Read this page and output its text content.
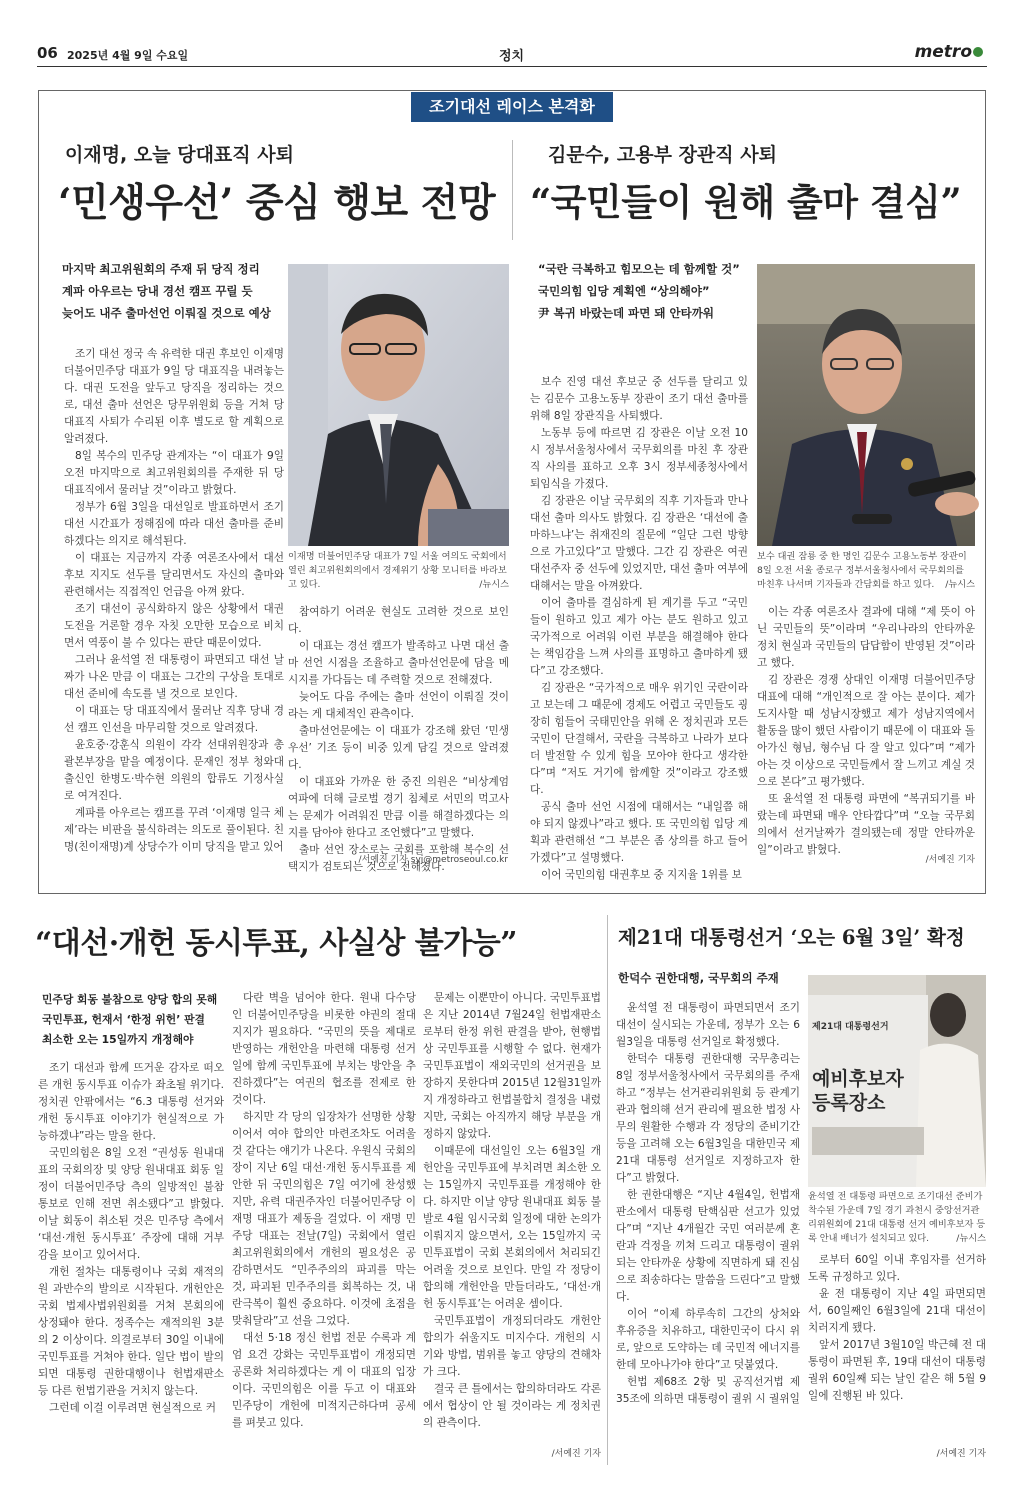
06 2025년 4월 9일 수요일	정치	metro
조기대선 레이스 본격화
이재명, 오늘 당대표직 사퇴
‘민생우선’ 중심 행보 전망
마지막 최고위원회의 주재 뒤 당직 정리
계파 아우르는 당내 경선 캠프 꾸릴 듯
늦어도 내주 출마선언 이뤄질 것으로 예상
이재명 더불어민주당 대표가 7일 서울 여의도 국회에서 열린 최고위원회의에서 경제위기 상황 모니터를 바라보고 있다.	/뉴시스

조기 대선 정국 속 유력한 대권 후보인 이재명 더불어민주당 대표가 9일 당 대표직을 내려놓는다. 대권 도전을 앞두고 당직을 정리하는 것으로, 대선 출마 선언은 당무위원회 등을 거쳐 당 대표직 사퇴가 수리된 이후 별도로 할 계획으로 알려졌다.

8일 복수의 민주당 관계자는 “이 대표가 9일 오전 마지막으로 최고위원회의를 주재한 뒤 당 대표직에서 물러날 것”이라고 밝혔다.

정부가 6월 3일을 대선일로 발표하면서 조기 대선 시간표가 정해짐에 따라 대선 출마를 준비하겠다는 의지로 해석된다.

이 대표는 지금까지 각종 여론조사에서 대선 후보 지지도 선두를 달리면서도 자신의 출마와 관련해서는 직접적인 언급을 아껴 왔다.

조기 대선이 공식화하지 않은 상황에서 대권 도전을 거론할 경우 자칫 오만한 모습으로 비치면서 역풍이 불 수 있다는 판단 때문이었다.

그러나 윤석열 전 대통령이 파면되고 대선 날짜가 나온 만큼 이 대표는 그간의 구상을 토대로 대선 준비에 속도를 낼 것으로 보인다.

이 대표는 당 대표직에서 물러난 직후 당내 경선 캠프 인선을 마무리할 것으로 알려졌다.

윤호중·강훈식 의원이 각각 선대위원장과 총괄본부장을 맡을 예정이다. 문재인 정부 청와대 출신인 한병도·박수현 의원의 합류도 기정사실로 여겨진다.

계파를 아우르는 캠프를 꾸려 ‘이재명 일극 체제’라는 비판을 불식하려는 의도로 풀이된다. 친명(친이재명)계 상당수가 이미 당직을 맡고 있어

참여하기 어려운 현실도 고려한 것으로 보인다.

이 대표는 경선 캠프가 발족하고 나면 대선 출마 선언 시점을 조율하고 출마선언문에 담을 메시지를 가다듬는 데 주력할 것으로 전해졌다.

늦어도 다음 주에는 출마 선언이 이뤄질 것이라는 게 대체적인 관측이다.

출마선언문에는 이 대표가 강조해 왔던 ‘민생 우선’ 기조 등이 비중 있게 담길 것으로 알려졌다.

이 대표와 가까운 한 중진 의원은 “비상계엄 여파에 더해 글로벌 경기 침체로 서민의 먹고사는 문제가 어려워진 만큼 이를 해결하겠다는 의지를 담아야 한다고 조언했다”고 말했다.

출마 선언 장소로는 국회를 포함해 복수의 선택지가 검토되는 것으로 전해졌다.

/서예진 기자 syj@metroseoul.co.kr
김문수, 고용부 장관직 사퇴
“국민들이 원해 출마 결심”
“국란 극복하고 힘모으는 데 함께할 것”
국민의힘 입당 계획엔 “상의해야”
尹 복귀 바랐는데 파면 돼 안타까워
보수 대권 잠룡 중 한 명인 김문수 고용노동부 장관이 8일 오전 서울 종로구 정부서울청사에서 국무회의를 마친후 나서며 기자들과 간담회를 하고 있다. /뉴시스

보수 진영 대선 후보군 중 선두를 달리고 있는 김문수 고용노동부 장관이 조기 대선 출마를 위해 8일 장관직을 사퇴했다.

노동부 등에 따르면 김 장관은 이날 오전 10시 정부서울청사에서 국무회의를 마친 후 장관직 사의를 표하고 오후 3시 정부세종청사에서 퇴임식을 가졌다.

김 장관은 이날 국무회의 직후 기자들과 만나 대선 출마 의사도 밝혔다. 김 장관은 ‘대선에 출마하느냐’는 취재진의 질문에 “일단 그런 방향으로 가고있다”고 말했다. 그간 김 장관은 여권 대선주자 중 선두에 있었지만, 대선 출마 여부에 대해서는 말을 아껴왔다.

이어 출마를 결심하게 된 계기를 두고 “국민들이 원하고 있고 제가 아는 분도 원하고 있고 국가적으로 어려워 이런 부분을 해결해야 한다는 책임감을 느껴 사의를 표명하고 출마하게 됐다”고 강조했다.

김 장관은 “국가적으로 매우 위기인 국란이라고 보는데 그 때문에 경제도 어렵고 국민들도 굉장히 힘들어 국태민안을 위해 온 정치권과 모든 국민이 단결해서, 국란을 극복하고 나라가 보다 더 발전할 수 있게 힘을 모아야 한다고 생각한다”며 “저도 거기에 함께할 것”이라고 강조했다.

공식 출마 선언 시점에 대해서는 “내일쯤 해야 되지 않겠나”라고 했다. 또 국민의힘 입당 계획과 관련해선 “그 부분은 좀 상의를 하고 들어가겠다”고 설명했다.

이어 국민의힘 대권후보 중 지지율 1위를 보

이는 각종 여론조사 결과에 대해 “제 뜻이 아닌 국민들의 뜻”이라며 “우리나라의 안타까운 정치 현실과 국민들의 답답함이 반영된 것”이라고 했다.

김 장관은 경쟁 상대인 이재명 더불어민주당 대표에 대해 “개인적으로 잘 아는 분이다. 제가 도지사할 때 성남시장했고 제가 성남지역에서 활동을 많이 했던 사람이기 때문에 이 대표와 돌아가신 형님, 형수님 다 잘 알고 있다”며 “제가 아는 것 이상으로 국민들께서 잘 느끼고 계실 것으로 본다”고 평가했다.

또 윤석열 전 대통령 파면에 “복귀되기를 바랐는데 파면돼 매우 안타깝다”며 “오늘 국무회의에서 선거날짜가 결의됐는데 정말 안타까운 일”이라고 밝혔다.

/서예진 기자
“대선·개헌 동시투표, 사실상 불가능”
민주당 회동 불참으로 양당 합의 못해
국민투표, 헌재서 ‘한정 위헌’ 판결
최소한 오는 15일까지 개정해야

조기 대선과 함께 뜨거운 감자로 떠오른 개헌 동시투표 이슈가 좌초될 위기다. 정치권 안팎에서는 “6.3 대통령 선거와 개헌 동시투표 이야기가 현실적으로 가능하겠냐”라는 말을 한다.

국민의힘은 8일 오전 “권성동 원내대표의 국회의장 및 양당 원내대표 회동 일정이 더불어민주당 측의 일방적인 불참 통보로 인해 전면 취소됐다”고 밝혔다. 이날 회동이 취소된 것은 민주당 측에서 ‘대선·개헌 동시투표’ 주장에 대해 거부감을 보이고 있어서다.

개헌 절차는 대통령이나 국회 재적의원 과반수의 발의로 시작된다. 개헌안은 국회 법제사법위원회를 거쳐 본회의에 상정돼야 한다. 정족수는 재적의원 3분의 2 이상이다. 의결로부터 30일 이내에 국민투표를 거쳐야 한다. 일단 법이 발의되면 대통령 권한대행이나 헌법재판소 등 다른 헌법기관을 거치지 않는다.

그런데 이걸 이루려면 현실적으로 커

다란 벽을 넘어야 한다. 원내 다수당인 더불어민주당을 비롯한 야권의 절대 지지가 필요하다. “국민의 뜻을 제대로 반영하는 개헌안을 마련해 대통령 선거일에 함께 국민투표에 부치는 방안을 추진하겠다”는 여권의 협조를 전제로 한 것이다.

하지만 각 당의 입장차가 선명한 상황이어서 여야 합의안 마련조차도 어려울 것 같다는 얘기가 나온다. 우원식 국회의장이 지난 6일 대선·개헌 동시투표를 제안한 뒤 국민의힘은 7일 여기에 찬성했지만, 유력 대권주자인 더불어민주당 이재명 대표가 제동을 걸었다. 이 재명 민주당 대표는 전날(7일) 국회에서 열린 최고위원회의에서 개헌의 필요성은 공감하면서도 “민주주의의 파괴를 막는 것, 파괴된 민주주의를 회복하는 것, 내란극복이 훨씬 중요하다. 이것에 초점을 맞춰달라”고 선을 그었다.

대선 5·18 정신 헌법 전문 수록과 계엄 요건 강화는 국민투표법이 개정되면 공론화 처리하겠다는 게 이 대표의 입장이다. 국민의힘은 이를 두고 이 대표와 민주당이 개헌에 미적지근하다며 공세를 펴붓고 있다.

문제는 이뿐만이 아니다. 국민투표법은 지난 2014년 7월24일 헌법재판소로부터 한정 위헌 판결을 받아, 현행법상 국민투표를 시행할 수 없다. 현재가 국민투표법이 재외국민의 선거권을 보장하지 못한다며 2015년 12월31일까지 개정하라고 헌법불합치 결정을 내렸지만, 국회는 아직까지 해당 부분을 개정하지 않았다.

이때문에 대선일인 오는 6월3일 개헌안을 국민투표에 부치려면 최소한 오는 15일까지 국민투표를 개정해야 한다. 하지만 이날 양당 원내대표 회동 불발로 4월 임시국회 일정에 대한 논의가 이뤄지지 않으면서, 오는 15일까지 국민투표법이 국회 본회의에서 처리되긴 어려울 것으로 보인다. 만일 각 정당이 합의해 개헌안을 만들더라도, ‘대선·개헌 동시투표’는 어려운 셈이다.

국민투표법이 개정되더라도 개헌안 합의가 쉬울지도 미지수다. 개헌의 시기와 방법, 범위를 놓고 양당의 견해차가 크다.

결국 큰 틀에서는 합의하더라도 각론에서 협상이 안 될 것이라는 게 정치권의 관측이다.

/서예진 기자
제21대 대통령선거 ‘오는 6월 3일’ 확정
한덕수 권한대행, 국무회의 주재

윤석열 전 대통령이 파면되면서 조기 대선이 실시되는 가운데, 정부가 오는 6월3일을 대통령 선거일로 확정했다.

한덕수 대통령 권한대행 국무총리는 8일 정부서울청사에서 국무회의를 주재하고 “정부는 선거관리위원회 등 관계기관과 협의해 선거 관리에 필요한 법정 사무의 원활한 수행과 각 정당의 준비기간 등을 고려해 오는 6월3일을 대한민국 제21대 대통령 선거일로 지정하고자 한다”고 밝혔다.

한 권한대행은 “지난 4월4일, 헌법재판소에서 대통령 탄핵심판 선고가 있었다”며 “지난 4개월간 국민 여러분께 혼란과 걱정을 끼쳐 드리고 대통령이 궐위되는 안타까운 상황에 직면하게 돼 진심으로 죄송하다는 말씀을 드린다”고 말했다.

이어 “이제 하루속히 그간의 상처와 후유증을 치유하고, 대한민국이 다시 위로, 앞으로 도약하는 데 국민적 에너지를 한데 모아나가야 한다”고 덧붙였다.

헌법 제68조 2항 및 공직선거법 제35조에 의하면 대통령이 궐위 시 궐위일

제21대 대통령선거
예비후보자
등록장소
윤석열 전 대통령 파면으로 조기대선 준비가 착수된 가운데 7일 경기 과천시 중앙선거관리위원회에 21대 대통령 선거 예비후보자 등록 안내 배너가 설치되고 있다.	/뉴시스

로부터 60일 이내 후임자를 선거하도록 규정하고 있다.

윤 전 대통령이 지난 4일 파면되면서, 60일째인 6월3일에 21대 대선이 치러지게 됐다.

앞서 2017년 3월10일 박근혜 전 대통령이 파면된 후, 19대 대선이 대통령 궐위 60일째 되는 날인 같은 해 5월 9일에 진행된 바 있다.

/서예진 기자
